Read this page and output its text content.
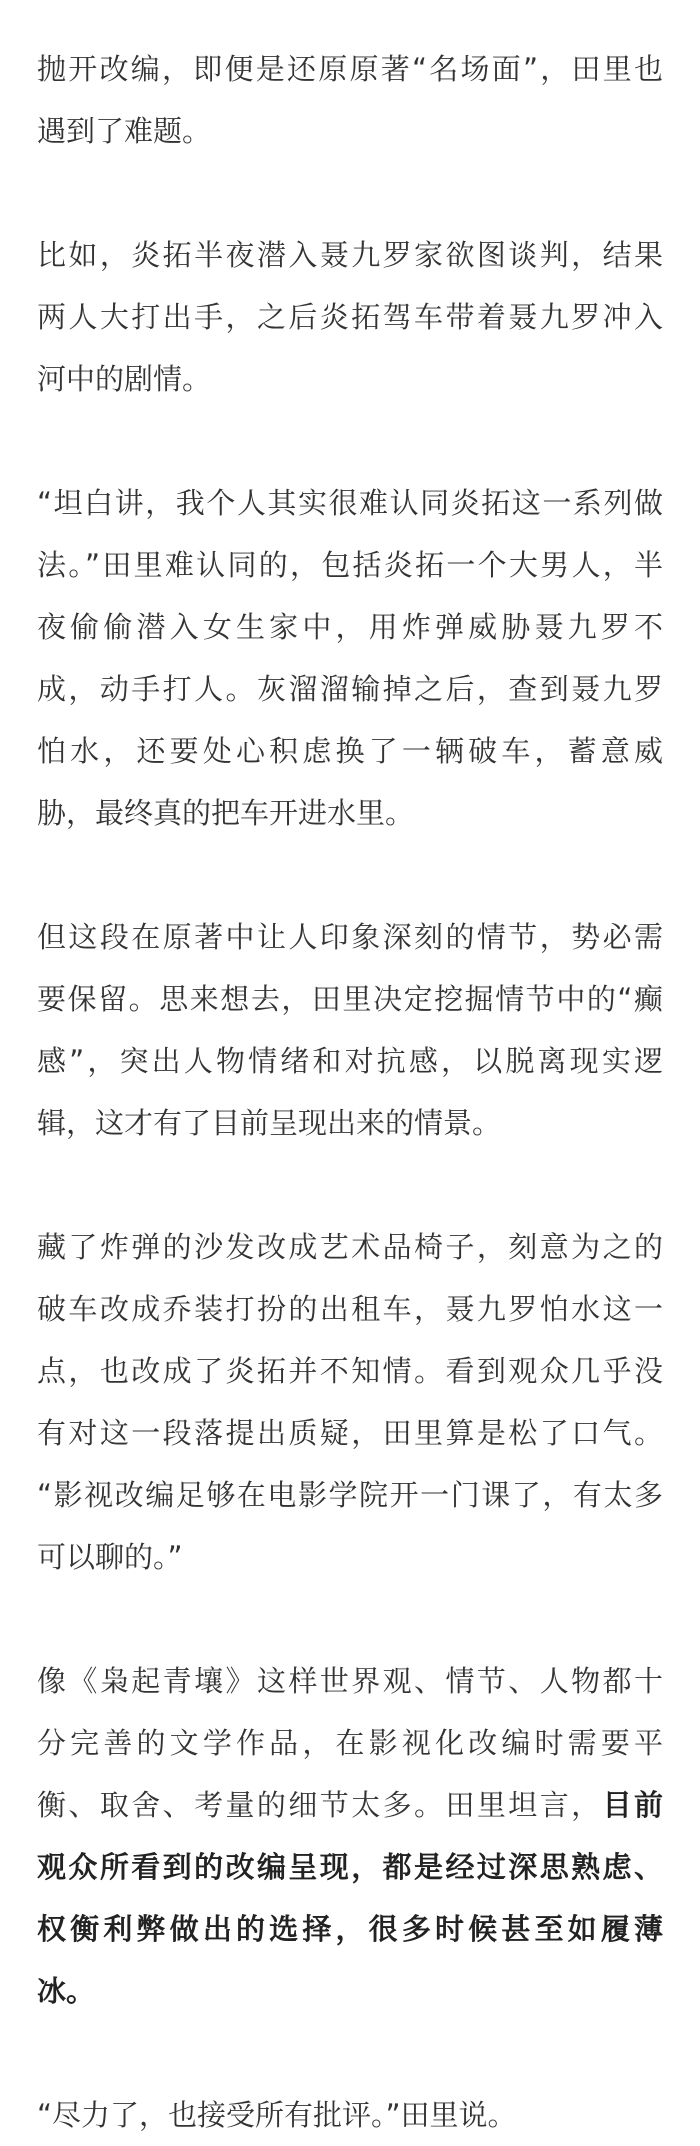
抛开改编，即便是还原原著“名场面”，田里也
遇到了难题。

比如，炎拓半夜潜入聂九罗家欲图谈判，结果
两人大打出手，之后炎拓驾车带着聂九罗冲入
河中的剧情。

“坦白讲，我个人其实很难认同炎拓这一系列做
法。”田里难认同的，包括炎拓一个大男人，半
夜偷偷潜入女生家中，用炸弹威胁聂九罗不
成，动手打人。灰溜溜输掉之后，查到聂九罗
怕水，还要处心积虑换了一辆破车，蓄意威
胁，最终真的把车开进水里。

但这段在原著中让人印象深刻的情节，势必需
要保留。思来想去，田里决定挖掘情节中的“癫
感”，突出人物情绪和对抗感，以脱离现实逻
辑，这才有了目前呈现出来的情景。

藏了炸弹的沙发改成艺术品椅子，刻意为之的
破车改成乔装打扮的出租车，聂九罗怕水这一
点，也改成了炎拓并不知情。看到观众几乎没
有对这一段落提出质疑，田里算是松了口气。
“影视改编足够在电影学院开一门课了，有太多
可以聊的。”

像《枭起青壤》这样世界观、情节、人物都十
分完善的文学作品，在影视化改编时需要平
衡、取舍、考量的细节太多。田里坦言，目前
观众所看到的改编呈现，都是经过深思熟虑、
权衡利弊做出的选择，很多时候甚至如履薄
冰。

“尽力了，也接受所有批评。”田里说。
